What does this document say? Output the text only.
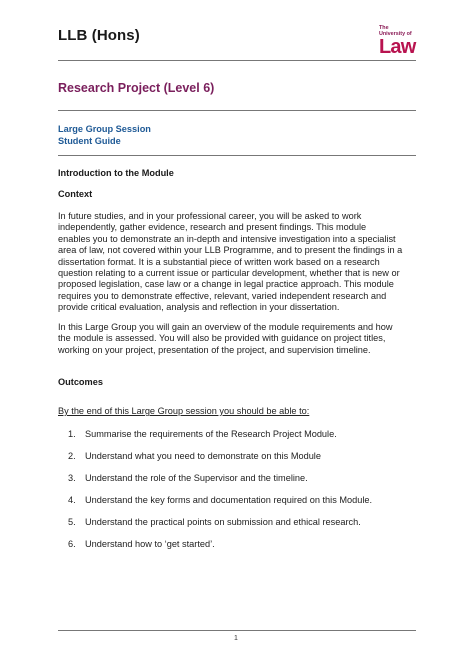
LLB (Hons)	The
University of
Law
Research Project (Level 6)
Large Group Session
Student Guide
Introduction to the Module
Context
In future studies, and in your professional career, you will be asked to work
independently, gather evidence, research and present findings. This module
enables you to demonstrate an in-depth and intensive investigation into a specialist
area of law, not covered within your LLB Programme, and to present the findings in a
dissertation format. It is a substantial piece of written work based on a research
question relating to a current issue or particular development, whether that is new or
proposed legislation, case law or a change in legal practice approach. This module
requires you to demonstrate effective, relevant, varied independent research and
provide critical evaluation, analysis and reflection in your dissertation.
In this Large Group you will gain an overview of the module requirements and how
the module is assessed. You will also be provided with guidance on project titles,
working on your project, presentation of the project, and supervision timeline.
Outcomes
By the end of this Large Group session you should be able to:
1. Summarise the requirements of the Research Project Module.
2. Understand what you need to demonstrate on this Module
3. Understand the role of the Supervisor and the timeline.
4. Understand the key forms and documentation required on this Module.
5. Understand the practical points on submission and ethical research.
6. Understand how to ‘get started’.
1
